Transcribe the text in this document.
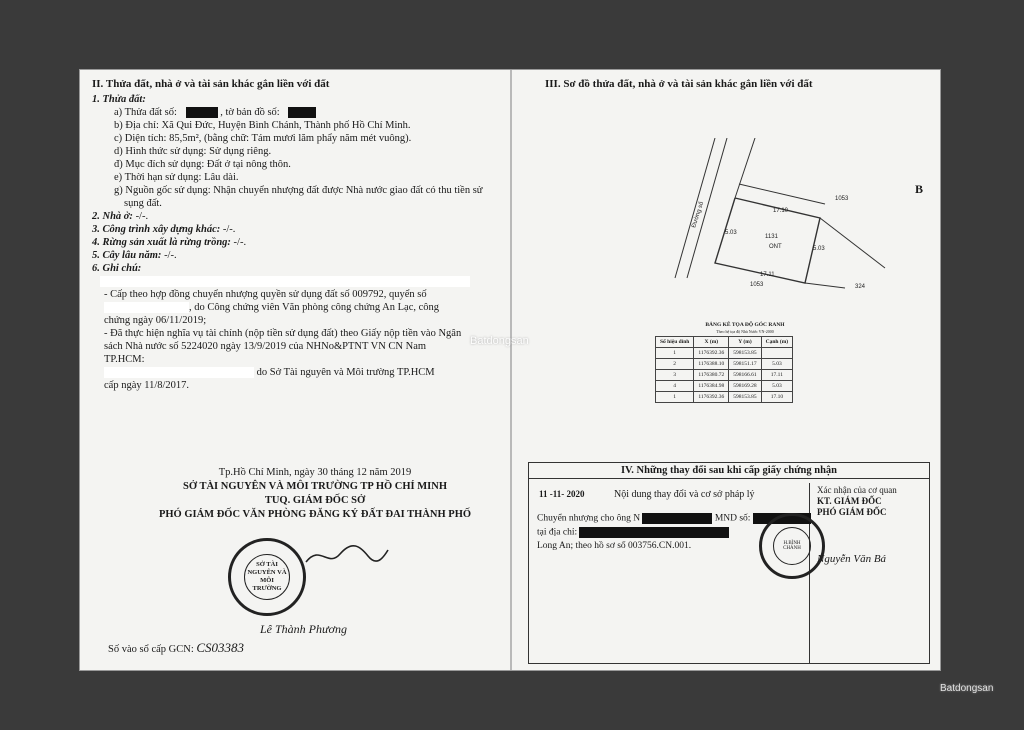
II. Thửa đất, nhà ở và tài sản khác gắn liền với đất
1. Thửa đất:
a) Thửa đất số:	, tờ bản đồ số:
b) Địa chỉ: Xã Qui Đức, Huyện Bình Chánh, Thành phố Hồ Chí Minh.
c) Diện tích: 85,5m², (bằng chữ: Tám mươi lăm phẩy năm mét vuông).
d) Hình thức sử dụng: Sử dụng riêng.
đ) Mục đích sử dụng: Đất ở tại nông thôn.
e) Thời hạn sử dụng: Lâu dài.
g) Nguồn gốc sử dụng: Nhận chuyển nhượng đất được Nhà nước giao đất có thu tiền sử
sụng đất.
2. Nhà ở: -/-.
3. Công trình xây dựng khác: -/-.
4. Rừng sản xuất là rừng trồng: -/-.
5. Cây lâu năm: -/-.
6. Ghi chú:
- Cấp theo hợp đồng chuyển nhượng quyền sử dụng đất số 009792, quyển số
, do Công chứng viên Văn phòng công chứng An Lạc, công
chứng ngày 06/11/2019;
- Đã thực hiện nghĩa vụ tài chính (nộp tiền sử dụng đất) theo Giấy nộp tiền vào Ngân
sách Nhà nước số 5224020 ngày 13/9/2019 của NHNo&PTNT VN CN Nam
TP.HCM:
do Sở Tài nguyên và Môi trường TP.HCM
cấp ngày 11/8/2017.
Tp.Hồ Chí Minh, ngày 30 tháng 12 năm 2019
SỞ TÀI NGUYÊN VÀ MÔI TRƯỜNG TP HỒ CHÍ MINH
TUQ. GIÁM ĐỐC SỞ
PHÓ GIÁM ĐỐC VĂN PHÒNG ĐĂNG KÝ ĐẤT ĐAI THÀNH PHỐ
SỞ TÀI NGUYÊN VÀ MÔI TRƯỜNG
Lê Thành Phương
Số vào sổ cấp GCN: CS03383
III. Sơ đồ thửa đất, nhà ở và tài sản khác gắn liền với đất
1053
1131
ONT
1053	324
17.10
17.11
5.03
5.03
Đường số
B
BẢNG KÊ TỌA ĐỘ GÓC RANH
Theo hệ tọa độ Nhà Nước VN-2000
Số hiệu đỉnh	X (m)	Y (m)	Cạnh (m)
1	1176392.36	598153.85	
2	1176388.10	598151.17	5.03
3	1176380.72	598166.61	17.11
4	1176384.98	598169.28	5.03
1	1176392.36	598153.85	17.10
IV. Những thay đổi sau khi cấp giấy chứng nhận
11 -11- 2020	Nội dung thay đổi và cơ sở pháp lý
Chuyển nhượng cho ông N	MND số:
tại địa chỉ:
Long An; theo hồ sơ số 003756.CN.001.
Xác nhận của cơ quan
KT. GIÁM ĐỐC
PHÓ GIÁM ĐỐC
H.BÌNH CHÁNH
Nguyễn Văn Bá
Batdongsan
Batdongsan
